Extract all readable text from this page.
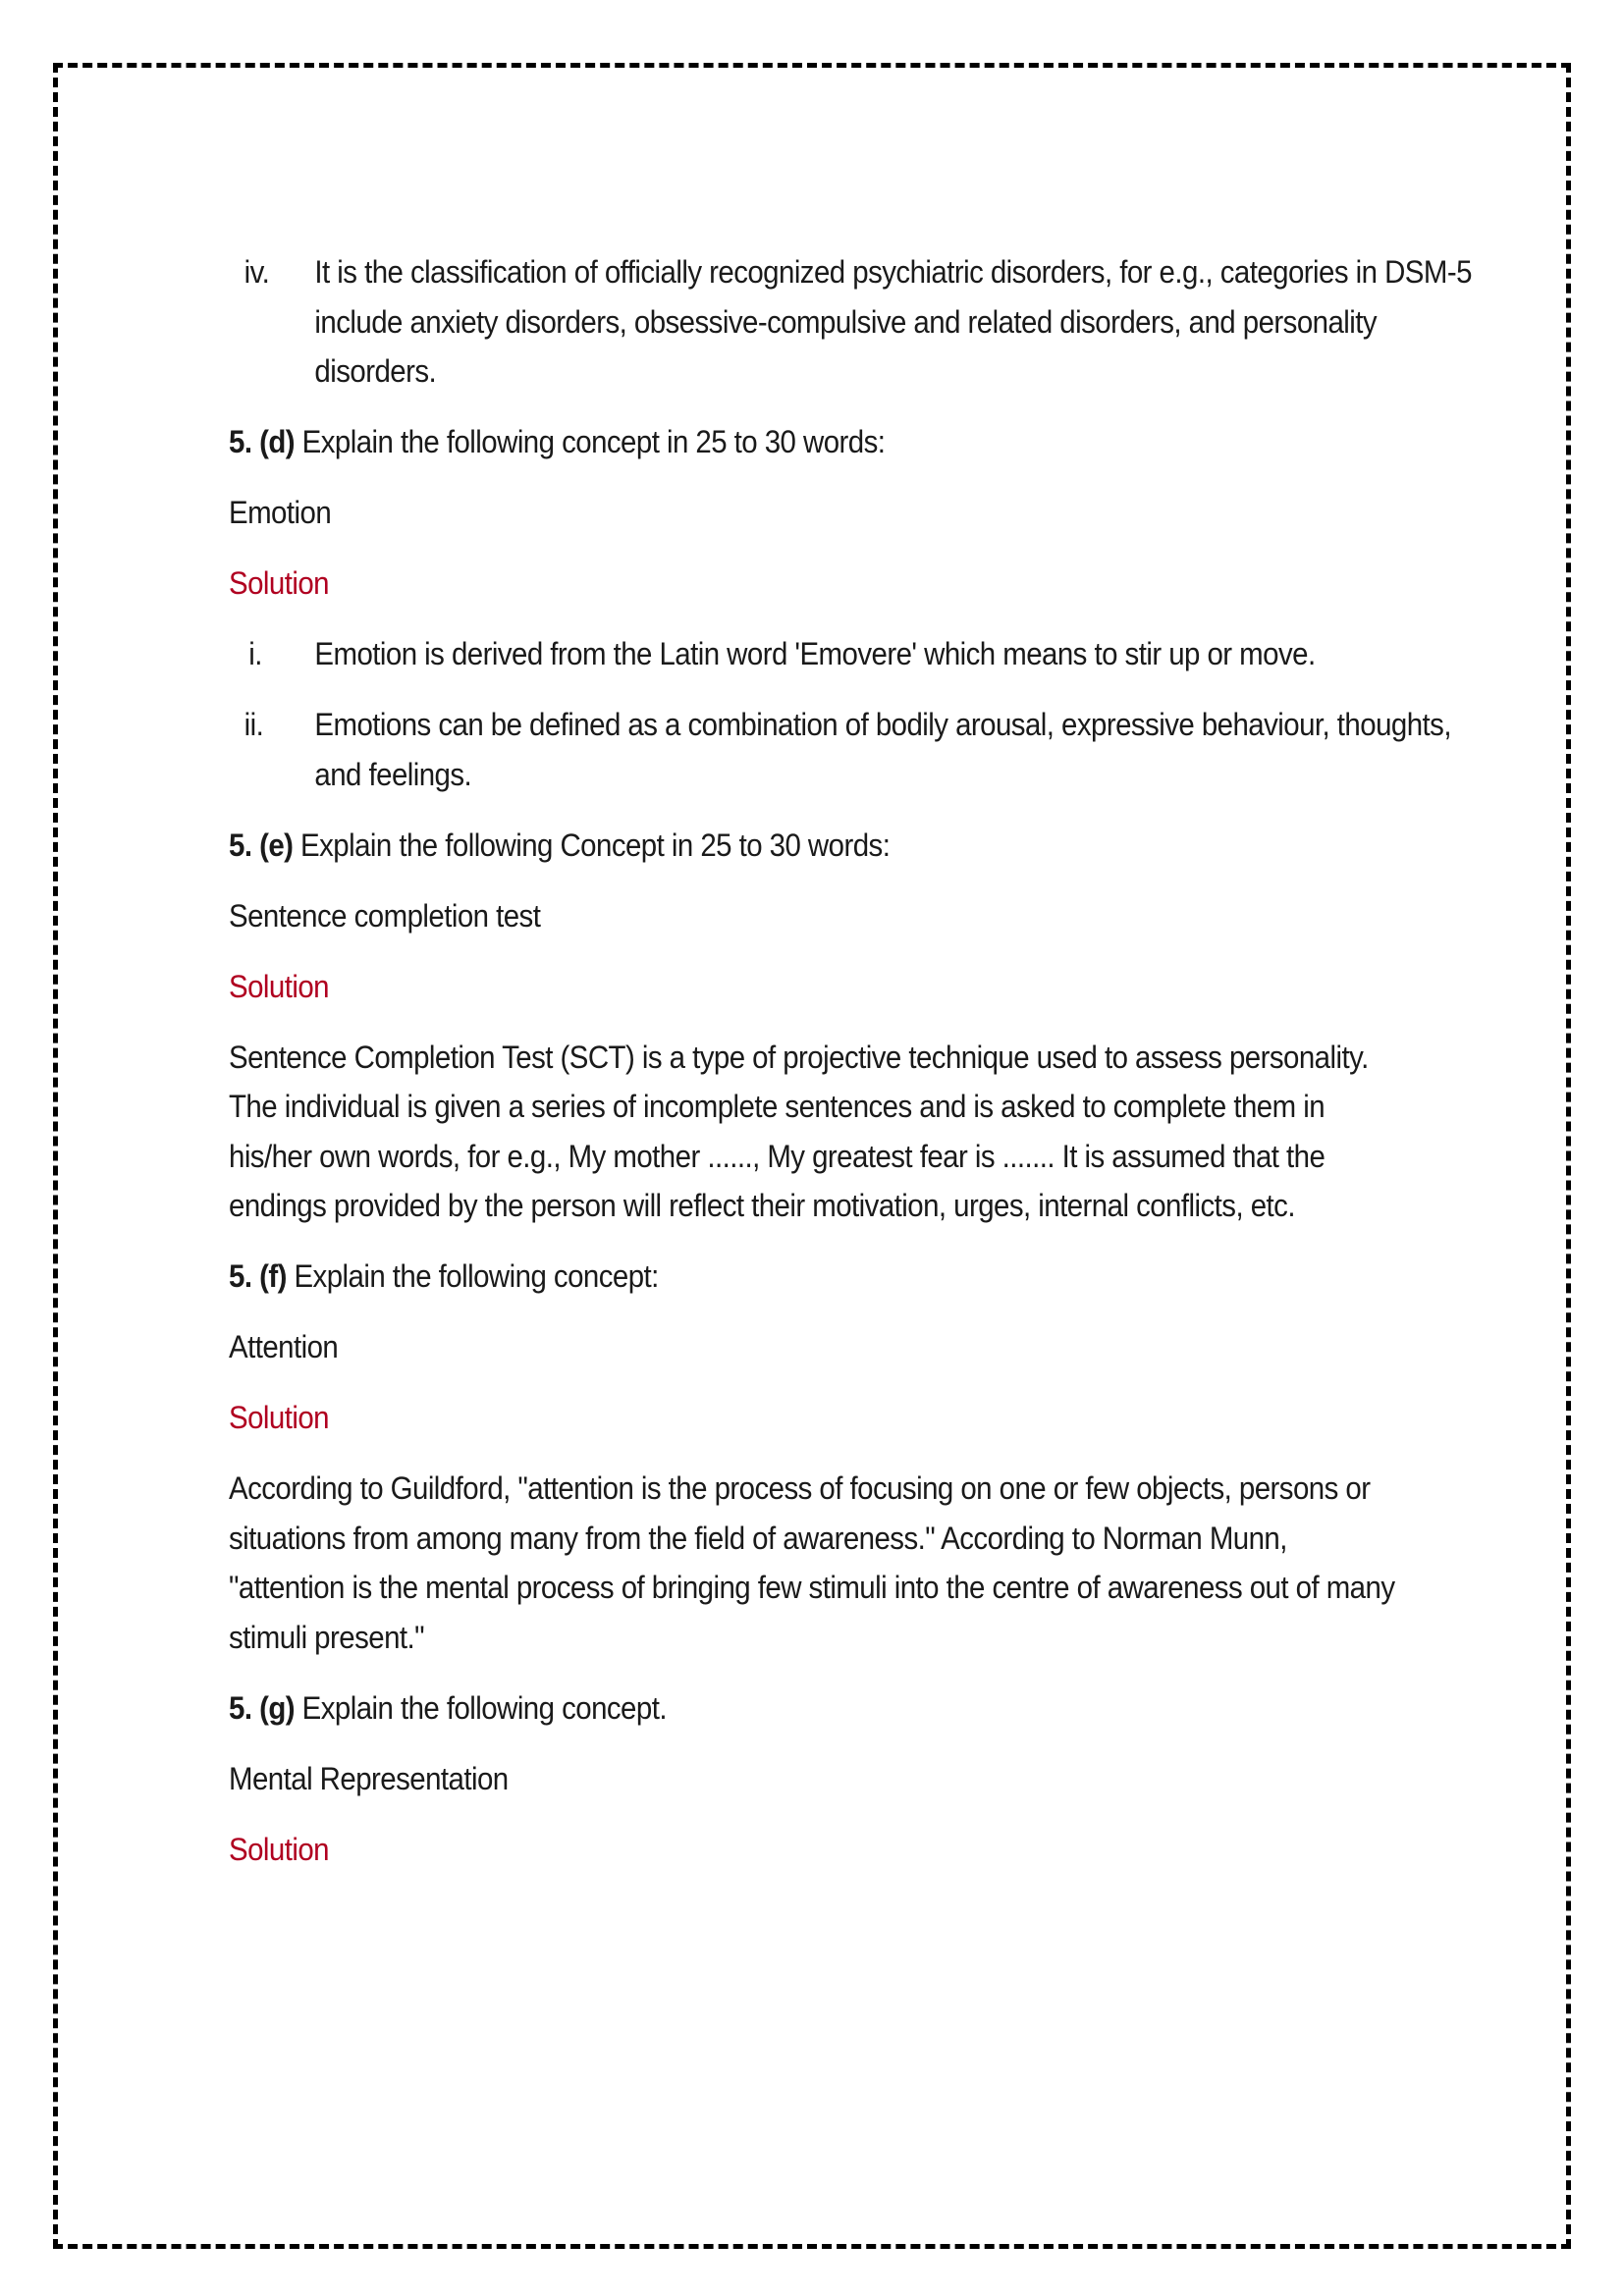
iv.	It is the classification of officially recognized psychiatric disorders, for e.g., categories in DSM-5 include anxiety disorders, obsessive-compulsive and related disorders, and personality disorders.

5. (d) Explain the following concept in 25 to 30 words:

Emotion

Solution

i.	Emotion is derived from the Latin word 'Emovere' which means to stir up or move.

ii.	Emotions can be defined as a combination of bodily arousal, expressive behaviour, thoughts, and feelings.

5. (e) Explain the following Concept in 25 to 30 words:

Sentence completion test

Solution

Sentence Completion Test (SCT) is a type of projective technique used to assess personality. The individual is given a series of incomplete sentences and is asked to complete them in his/her own words, for e.g., My mother ......, My greatest fear is ....... It is assumed that the endings provided by the person will reflect their motivation, urges, internal conflicts, etc.

5. (f) Explain the following concept:

Attention

Solution

According to Guildford, "attention is the process of focusing on one or few objects, persons or situations from among many from the field of awareness." According to Norman Munn, "attention is the mental process of bringing few stimuli into the centre of awareness out of many stimuli present."

5. (g) Explain the following concept.

Mental Representation

Solution
